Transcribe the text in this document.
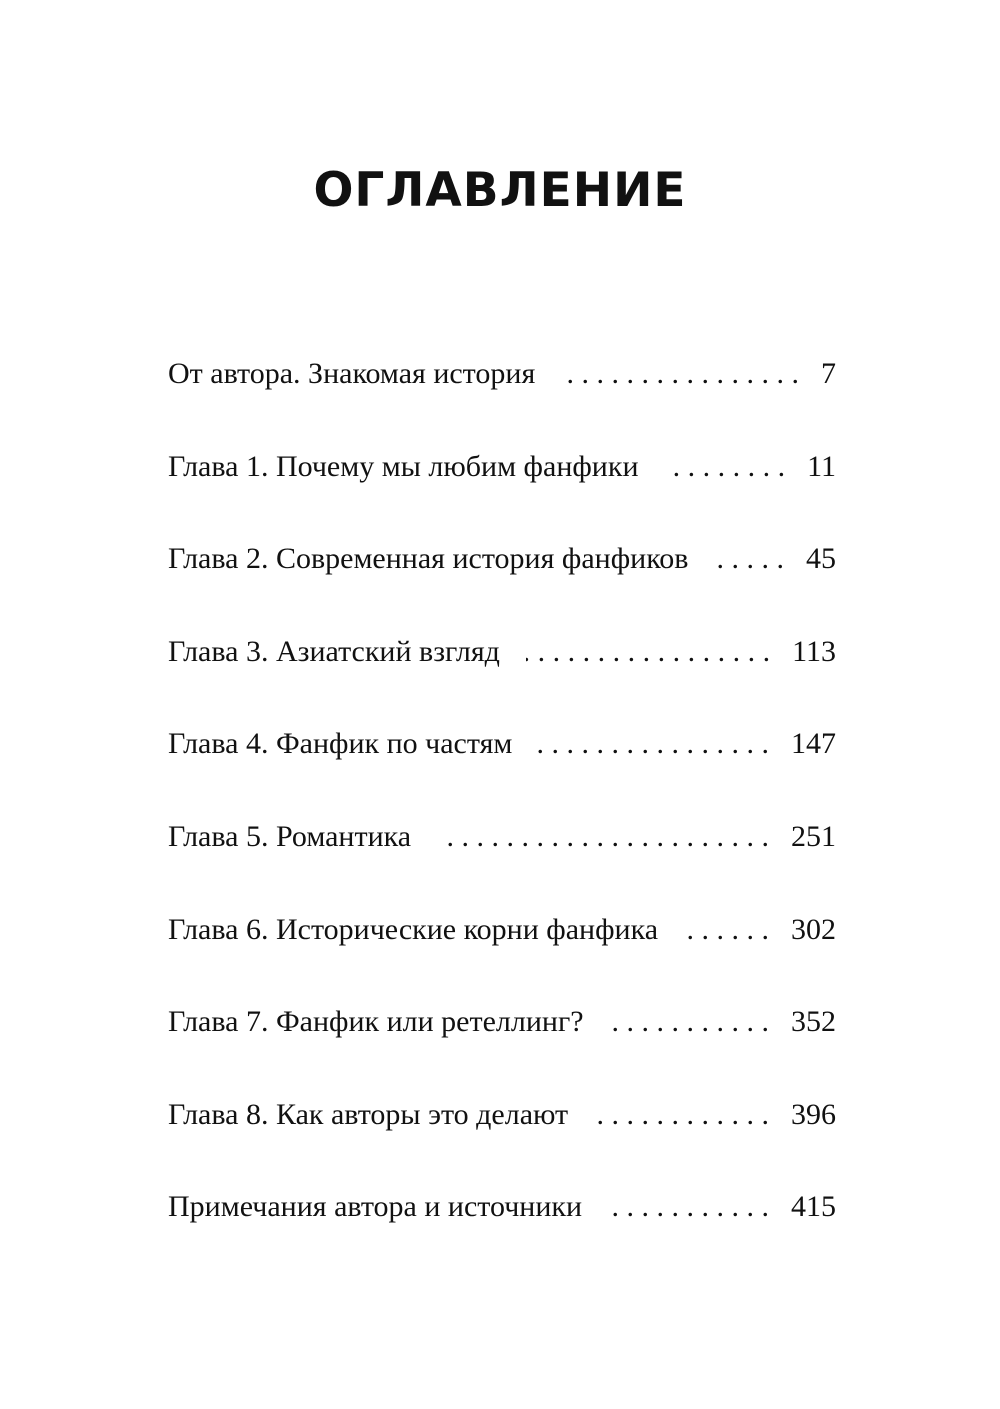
ОГЛАВЛЕНИЕ
От автора. Знакомая история . . .	7
Глава 1. Почему мы любим фанфики . . .	11
Глава 2. Современная история фанфиков . . .	45
Глава 3. Азиатский взгляд . . .	113
Глава 4. Фанфик по частям . . .	147
Глава 5. Романтика . . .	251
Глава 6. Исторические корни фанфика . . .	302
Глава 7. Фанфик или ретеллинг? . . .	352
Глава 8. Как авторы это делают . . .	396
Примечания автора и источники . . .	415
